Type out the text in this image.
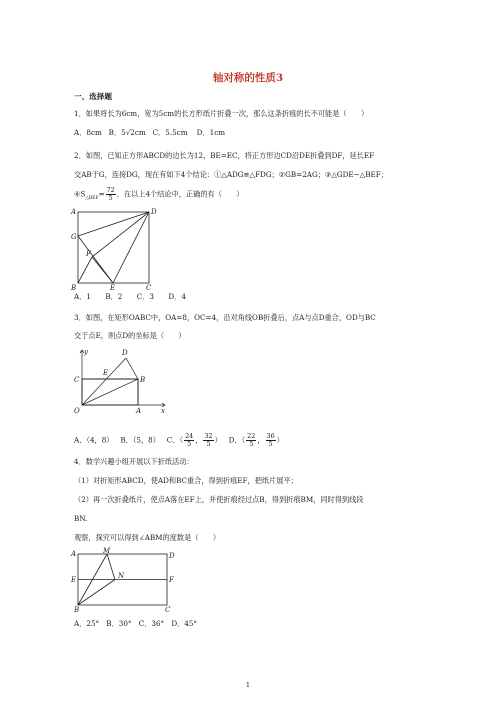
轴对称的性质3
一、选择题
1．如果将长为6cm，宽为5cm的长方形纸片折叠一次，那么这条折痕的长不可能是（　　）
A．8cm B．5√2cm C．5.5cm D．1cm
2．如图，已知正方形ABCD的边长为12，BE=EC，将正方形边CD沿DE折叠到DF，延长EF
交AB于G，连接DG，现在有如下4个结论：①△ADG≌△FDG；②GB=2AG；③△GDE∽△BEF；
$④S_{\triangle BEF}= \frac{72}{5}$ ．在以上4个结论中，正确的有（　　）
A	D
G
F
B	E	C
A．1　　B．2　　C．3　　D．4
3．如图，在矩形OABC中，OA=8，OC=4，沿对角线OB折叠后，点A与点D重合，OD与BC
交于点E，则点D的坐标是（　　）
y
x
O	A
B
C
D
E
A．（4，8） B．（5，8） C．（ $\frac{24}{5}$ ， $\frac{32}{5}$ ） D．（ $\frac{22}{5}$ ， $\frac{36}{5}$ ）
4．数学兴趣小组开展以下折纸活动：
（1）对折矩形ABCD，使AD和BC重合，得到折痕EF，把纸片展平；
（2）再一次折叠纸片，使点A落在EF上，并使折痕经过点B，得到折痕BM，同时得到线段
BN.
观察，探究可以得到∠ABM的度数是（　　）
A	M
D
E	N	F
B	C
A．25°　B．30°　C．36°　D．45°
1
